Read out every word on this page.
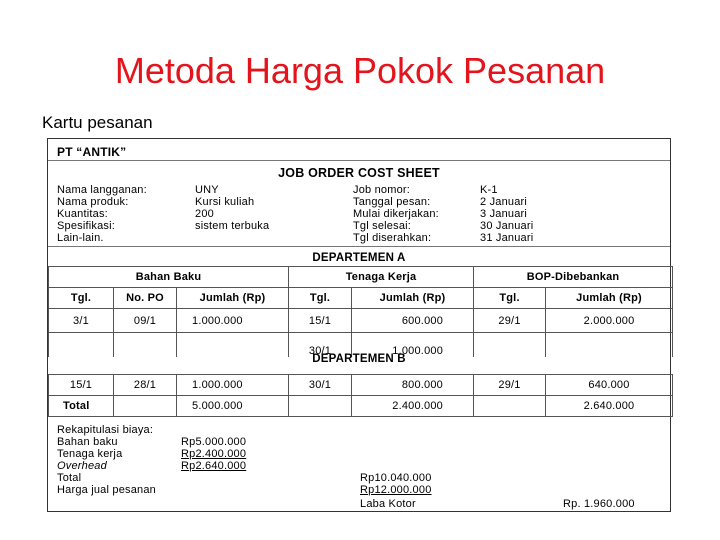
Metoda Harga Pokok Pesanan
Kartu pesanan
PT “ANTIK”
JOB ORDER COST SHEET
Nama langganan:	UNY
Nama produk:	Kursi kuliah
Kuantitas:	200
Spesifikasi:	sistem terbuka
Lain-lain.
Job nomor:	K-1
Tanggal pesan:	2 Januari
Mulai dikerjakan:	3 Januari
Tgl selesai:	30 Januari
Tgl diserahkan:	31 Januari
DEPARTEMEN A
Bahan Baku			Tenaga Kerja		BOP-Dibebankan	
Tgl.	No. PO	Jumlah (Rp)	Tgl.	Jumlah (Rp)	Tgl.	Jumlah (Rp)
3/1	09/1	1.000.000	15/1	600.000	29/1	2.000.000
			30/1	1.000.000		
DEPARTEMEN B
15/1	28/1	1.000.000	30/1	800.000	29/1	640.000
Total		5.000.000		2.400.000		2.640.000
Rekapitulasi biaya:
Bahan baku	Rp5.000.000
Tenaga kerja	Rp2.400.000
Overhead	Rp2.640.000
Total	Rp10.040.000
Harga jual pesanan	Rp12.000.000
Laba Kotor	Rp. 1.960.000
